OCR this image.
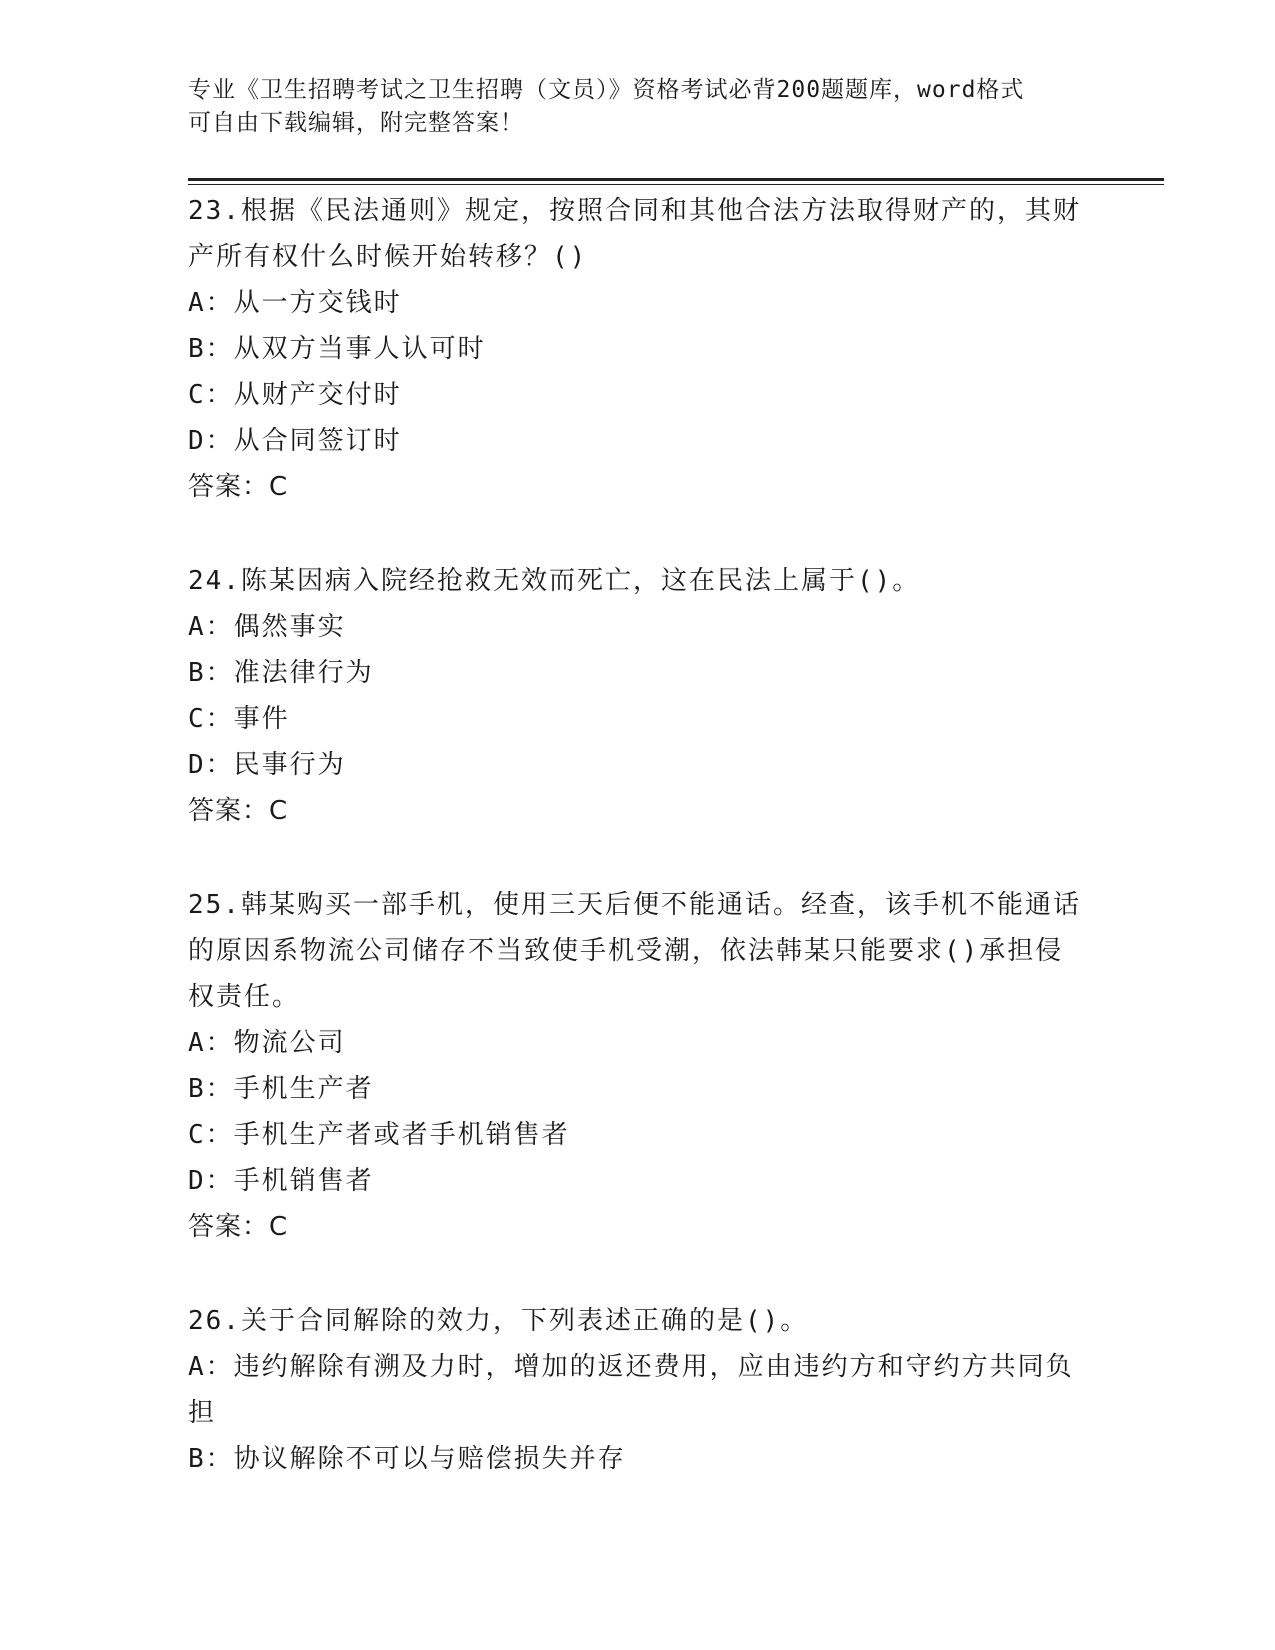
专业《卫生招聘考试之卫生招聘（文员）》资格考试必背200题题库，word格式
可自由下载编辑，附完整答案！

23.根据《民法通则》规定，按照合同和其他合法方法取得财产的，其财产所有权什么时候开始转移？()

A：从一方交钱时

B：从双方当事人认可时

C：从财产交付时

D：从合同签订时

答案：C

24.陈某因病入院经抢救无效而死亡，这在民法上属于()。

A：偶然事实

B：准法律行为

C：事件

D：民事行为

答案：C

25.韩某购买一部手机，使用三天后便不能通话。经查，该手机不能通话的原因系物流公司储存不当致使手机受潮，依法韩某只能要求()承担侵权责任。

A：物流公司

B：手机生产者

C：手机生产者或者手机销售者

D：手机销售者

答案：C

26.关于合同解除的效力，下列表述正确的是()。

A：违约解除有溯及力时，增加的返还费用，应由违约方和守约方共同负担

B：协议解除不可以与赔偿损失并存
